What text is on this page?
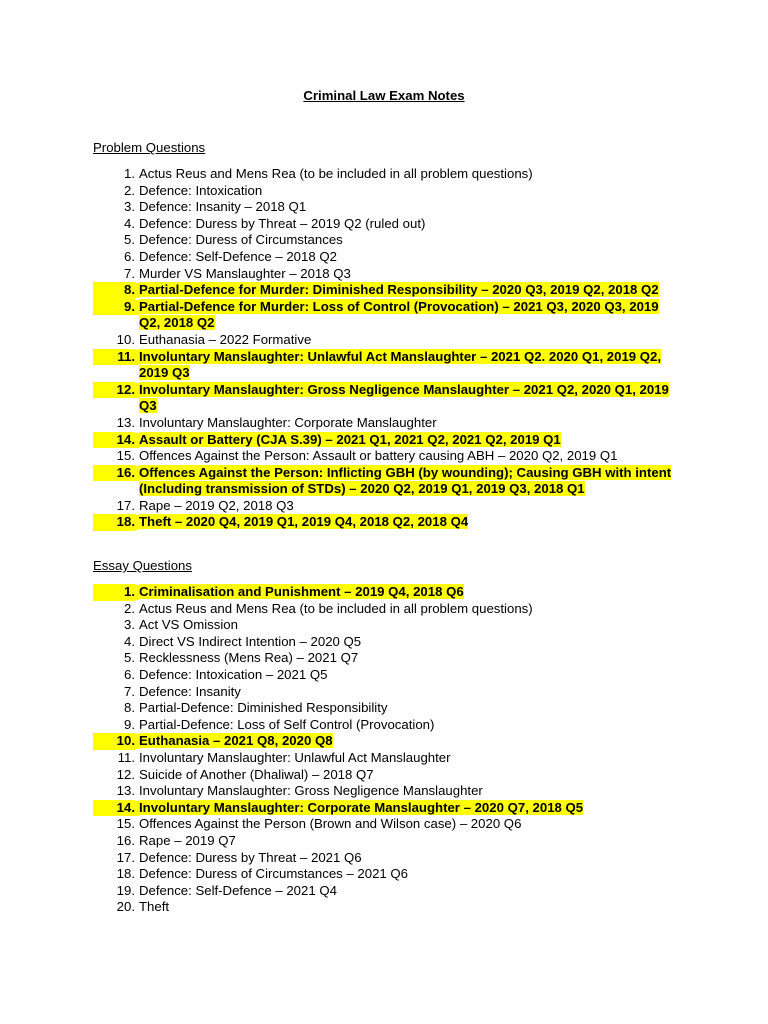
Criminal Law Exam Notes
Problem Questions
1. Actus Reus and Mens Rea (to be included in all problem questions)
2. Defence: Intoxication
3. Defence: Insanity – 2018 Q1
4. Defence: Duress by Threat – 2019 Q2 (ruled out)
5. Defence: Duress of Circumstances
6. Defence: Self-Defence – 2018 Q2
7. Murder VS Manslaughter – 2018 Q3
8. Partial-Defence for Murder: Diminished Responsibility – 2020 Q3, 2019 Q2, 2018 Q2
9. Partial-Defence for Murder: Loss of Control (Provocation) – 2021 Q3, 2020 Q3, 2019 Q2, 2018 Q2
10. Euthanasia – 2022 Formative
11. Involuntary Manslaughter: Unlawful Act Manslaughter – 2021 Q2. 2020 Q1, 2019 Q2, 2019 Q3
12. Involuntary Manslaughter: Gross Negligence Manslaughter – 2021 Q2, 2020 Q1, 2019 Q3
13. Involuntary Manslaughter: Corporate Manslaughter
14. Assault or Battery (CJA S.39) – 2021 Q1, 2021 Q2, 2021 Q2, 2019 Q1
15. Offences Against the Person: Assault or battery causing ABH – 2020 Q2, 2019 Q1
16. Offences Against the Person: Inflicting GBH (by wounding); Causing GBH with intent (Including transmission of STDs) – 2020 Q2, 2019 Q1, 2019 Q3, 2018 Q1
17. Rape – 2019 Q2, 2018 Q3
18. Theft – 2020 Q4, 2019 Q1, 2019 Q4, 2018 Q2, 2018 Q4
Essay Questions
1. Criminalisation and Punishment – 2019 Q4, 2018 Q6
2. Actus Reus and Mens Rea (to be included in all problem questions)
3. Act VS Omission
4. Direct VS Indirect Intention – 2020 Q5
5. Recklessness (Mens Rea) – 2021 Q7
6. Defence: Intoxication – 2021 Q5
7. Defence: Insanity
8. Partial-Defence: Diminished Responsibility
9. Partial-Defence: Loss of Self Control (Provocation)
10. Euthanasia – 2021 Q8, 2020 Q8
11. Involuntary Manslaughter: Unlawful Act Manslaughter
12. Suicide of Another (Dhaliwal) – 2018 Q7
13. Involuntary Manslaughter: Gross Negligence Manslaughter
14. Involuntary Manslaughter: Corporate Manslaughter – 2020 Q7, 2018 Q5
15. Offences Against the Person (Brown and Wilson case) – 2020 Q6
16. Rape – 2019 Q7
17. Defence: Duress by Threat – 2021 Q6
18. Defence: Duress of Circumstances – 2021 Q6
19. Defence: Self-Defence – 2021 Q4
20. Theft
